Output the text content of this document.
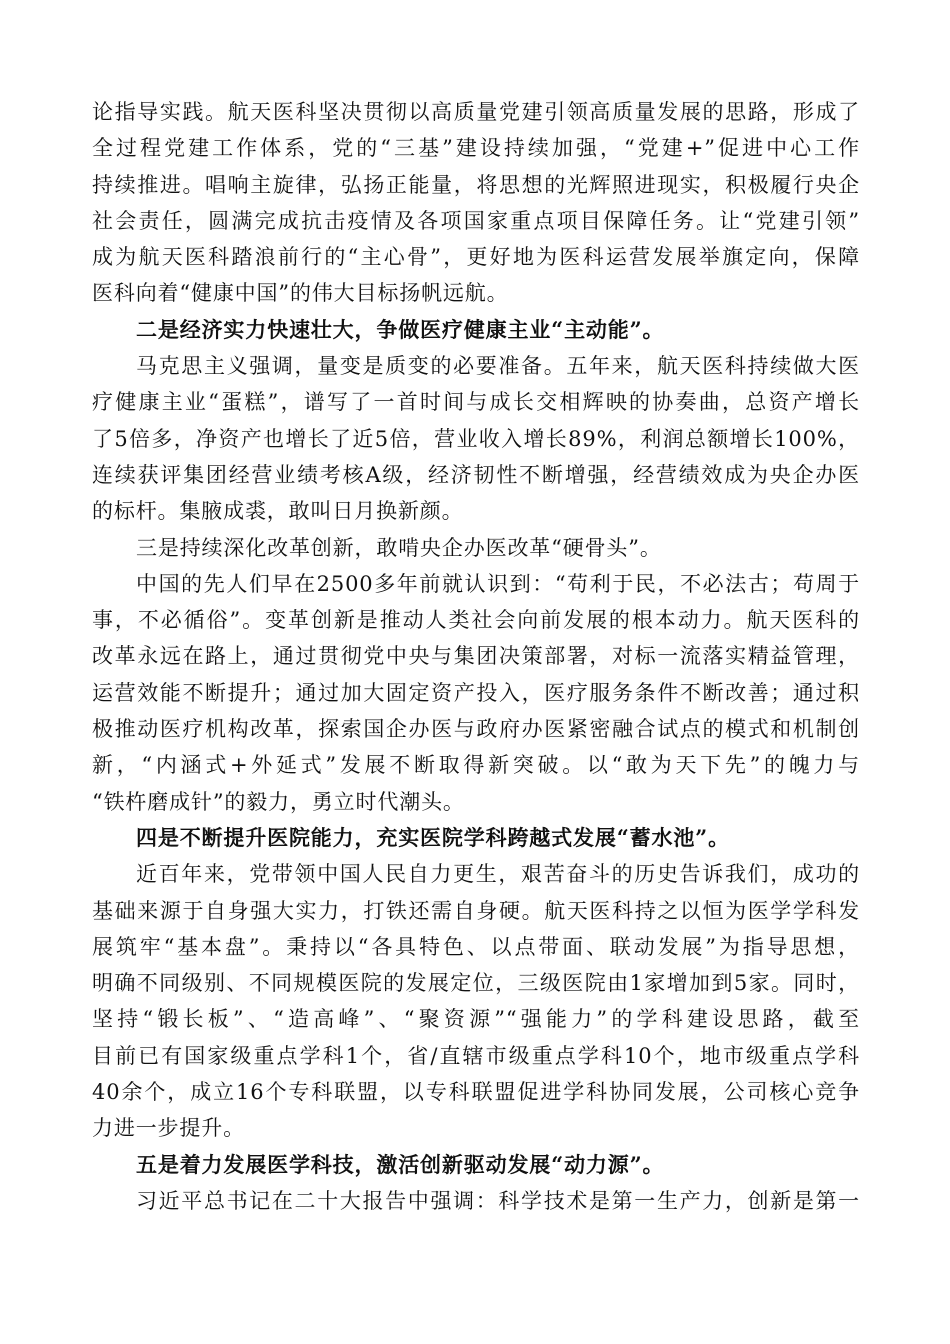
论指导实践。航天医科坚决贯彻以高质量党建引领高质量发展的思路，形成了
全过程党建工作体系，党的“三基”建设持续加强，“党建+”促进中心工作
持续推进。唱响主旋律，弘扬正能量，将思想的光辉照进现实，积极履行央企
社会责任，圆满完成抗击疫情及各项国家重点项目保障任务。让“党建引领”
成为航天医科踏浪前行的“主心骨”，更好地为医科运营发展举旗定向，保障
医科向着“健康中国”的伟大目标扬帆远航。
二是经济实力快速壮大，争做医疗健康主业“主动能”。
马克思主义强调，量变是质变的必要准备。五年来，航天医科持续做大医
疗健康主业“蛋糕”，谱写了一首时间与成长交相辉映的协奏曲，总资产增长
了5倍多，净资产也增长了近5倍，营业收入增长89%，利润总额增长100%，
连续获评集团经营业绩考核A级，经济韧性不断增强，经营绩效成为央企办医
的标杆。集腋成裘，敢叫日月换新颜。
三是持续深化改革创新，敢啃央企办医改革“硬骨头”。
中国的先人们早在2500多年前就认识到：“苟利于民，不必法古；苟周于
事，不必循俗”。变革创新是推动人类社会向前发展的根本动力。航天医科的
改革永远在路上，通过贯彻党中央与集团决策部署，对标一流落实精益管理，
运营效能不断提升；通过加大固定资产投入，医疗服务条件不断改善；通过积
极推动医疗机构改革，探索国企办医与政府办医紧密融合试点的模式和机制创
新，“内涵式+外延式”发展不断取得新突破。以“敢为天下先”的魄力与
“铁杵磨成针”的毅力，勇立时代潮头。
四是不断提升医院能力，充实医院学科跨越式发展“蓄水池”。
近百年来，党带领中国人民自力更生，艰苦奋斗的历史告诉我们，成功的
基础来源于自身强大实力，打铁还需自身硬。航天医科持之以恒为医学学科发
展筑牢“基本盘”。秉持以“各具特色、以点带面、联动发展”为指导思想，
明确不同级别、不同规模医院的发展定位，三级医院由1家增加到5家。同时，
坚持“锻长板”、“造高峰”、“聚资源”“强能力”的学科建设思路，截至
目前已有国家级重点学科1个，省/直辖市级重点学科10个，地市级重点学科
40余个，成立16个专科联盟，以专科联盟促进学科协同发展，公司核心竞争
力进一步提升。
五是着力发展医学科技，激活创新驱动发展“动力源”。
习近平总书记在二十大报告中强调：科学技术是第一生产力，创新是第一
